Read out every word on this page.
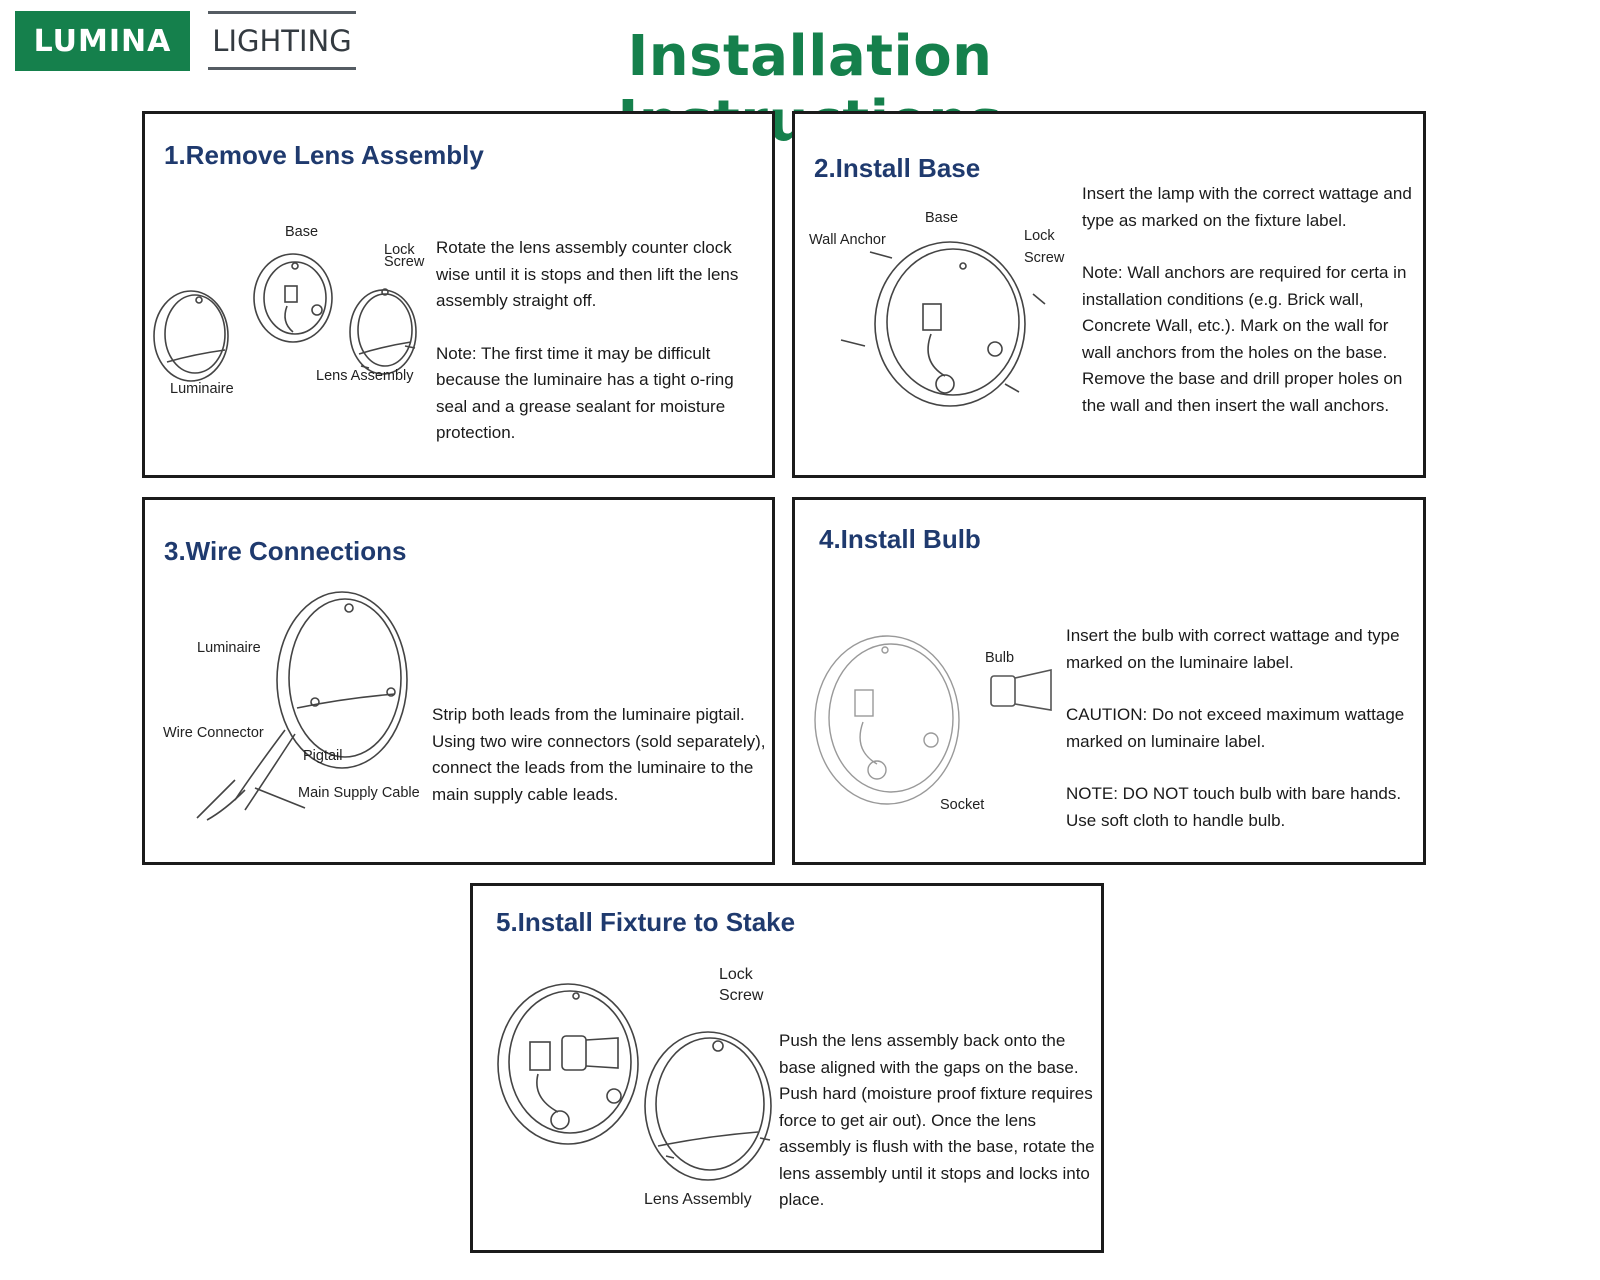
LUMINA	LIGHTING	Installation
1.Remove Lens Assembly
Base
Lock
Screw
Luminaire
Lens Assembly

Rotate the lens assembly counter clock wise until it is stops and then lift the lens assembly straight off.

Note: The first time it may be difficult because the luminaire has a tight o-ring seal and a grease sealant for moisture protection.

2.Install Base
Base
Wall Anchor	Lock
Screw

Insert the lamp with the correct wattage and type as marked on the fixture label.

Note: Wall anchors are required for certa in installation conditions (e.g. Brick wall, Concrete Wall, etc.). Mark on the wall for wall anchors from the holes on the base. Remove the base and drill proper holes on the wall and then insert the wall anchors.

3.Wire Connections
Luminaire
Wire Connector
Pigtail
Main Supply Cable

Strip both leads from the luminaire pigtail. Using two wire connectors (sold separately), connect the leads from the luminaire to the main supply cable leads.

4.Install Bulb
Bulb
Socket

Insert the bulb with correct wattage and type marked on the luminaire label.

CAUTION: Do not exceed maximum wattage marked on luminaire label.

NOTE: DO NOT touch bulb with bare hands. Use soft cloth to handle bulb.

5.Install Fixture to Stake
Lock
Screw
Lens Assembly

Push the lens assembly back onto the base aligned with the gaps on the base. Push hard (moisture proof fixture requires force to get air out). Once the lens assembly is flush with the base, rotate the lens assembly until it stops and locks into place.
